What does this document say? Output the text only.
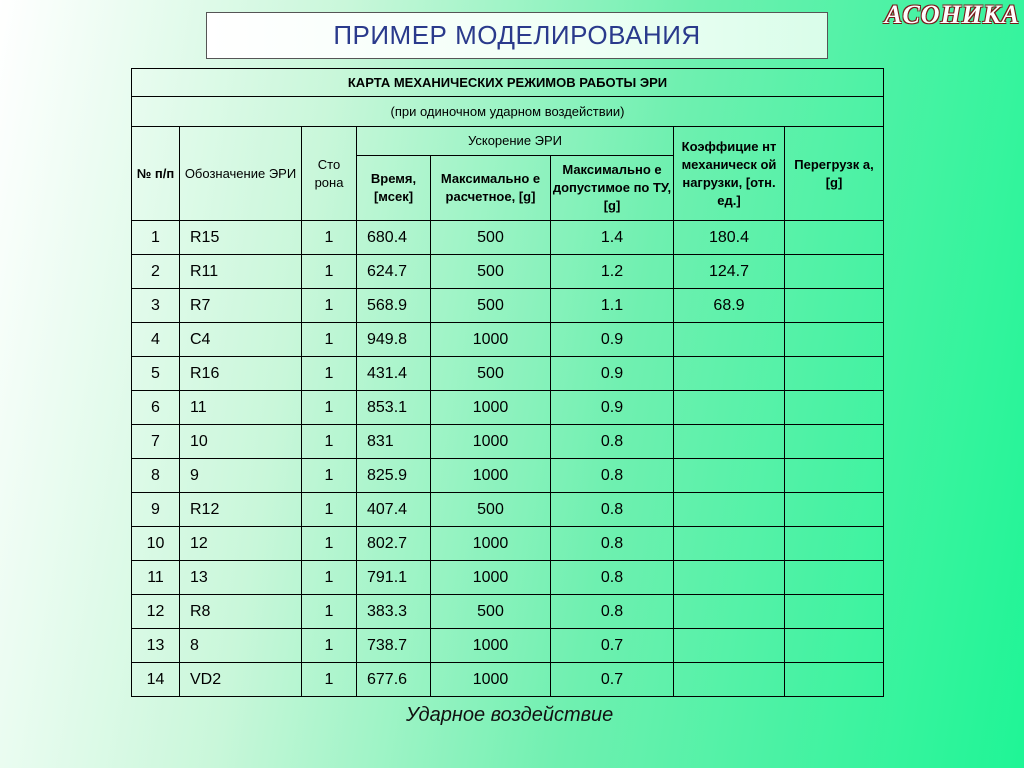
ПРИМЕР МОДЕЛИРОВАНИЯ
АСОНИКА
КАРТА МЕХАНИЧЕСКИХ РЕЖИМОВ РАБОТЫ ЭРИ							
(при одиночном ударном воздействии)							
№ п/п	Обозначение ЭРИ	Сто рона	Ускорение ЭРИ			Коэффицие нт механическ ой нагрузки, [отн. ед.]	Перегрузк а, [g]
			Время, [мсек]	Максимально е расчетное, [g]	Максимально е допустимое по ТУ, [g]		
1	R15	1	680.4	500	1.4	180.4	
2	R11	1	624.7	500	1.2	124.7	
3	R7	1	568.9	500	1.1	68.9	
4	C4	1	949.8	1000	0.9		
5	R16	1	431.4	500	0.9		
6	11	1	853.1	1000	0.9		
7	10	1	831	1000	0.8		
8	9	1	825.9	1000	0.8		
9	R12	1	407.4	500	0.8		
10	12	1	802.7	1000	0.8		
11	13	1	791.1	1000	0.8		
12	R8	1	383.3	500	0.8		
13	8	1	738.7	1000	0.7		
14	VD2	1	677.6	1000	0.7		
Ударное воздействие
